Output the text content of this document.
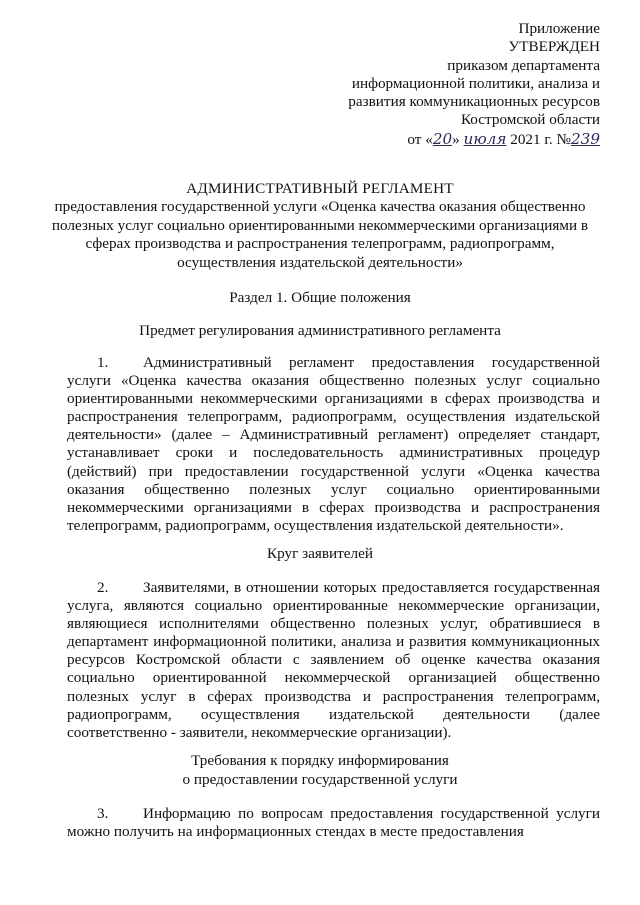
Приложение
УТВЕРЖДЕН
приказом департамента
информационной политики, анализа и
развития коммуникационных ресурсов
Костромской области
от «20» июля 2021 г. №239
АДМИНИСТРАТИВНЫЙ РЕГЛАМЕНТ
предоставления государственной услуги «Оценка качества оказания общественно полезных услуг социально ориентированными некоммерческими организациями в сферах производства и распространения телепрограмм, радиопрограмм, осуществления издательской деятельности»
Раздел 1. Общие положения
Предмет регулирования административного регламента
1. Административный регламент предоставления государственной услуги «Оценка качества оказания общественно полезных услуг социально ориентированными некоммерческими организациями в сферах производства и распространения телепрограмм, радиопрограмм, осуществления издательской деятельности» (далее – Административный регламент) определяет стандарт, устанавливает сроки и последовательность административных процедур (действий) при предоставлении государственной услуги «Оценка качества оказания общественно полезных услуг социально ориентированными некоммерческими организациями в сферах производства и распространения телепрограмм, радиопрограмм, осуществления издательской деятельности».
Круг заявителей
2. Заявителями, в отношении которых предоставляется государственная услуга, являются социально ориентированные некоммерческие организации, являющиеся исполнителями общественно полезных услуг, обратившиеся в департамент информационной политики, анализа и развития коммуникационных ресурсов Костромской области с заявлением об оценке качества оказания социально ориентированной некоммерческой организацией общественно полезных услуг в сферах производства и распространения телепрограмм, радиопрограмм, осуществления издательской деятельности (далее соответственно - заявители, некоммерческие организации).
Требования к порядку информирования
о предоставлении государственной услуги
3. Информацию по вопросам предоставления государственной услуги можно получить на информационных стендах в месте предоставления
